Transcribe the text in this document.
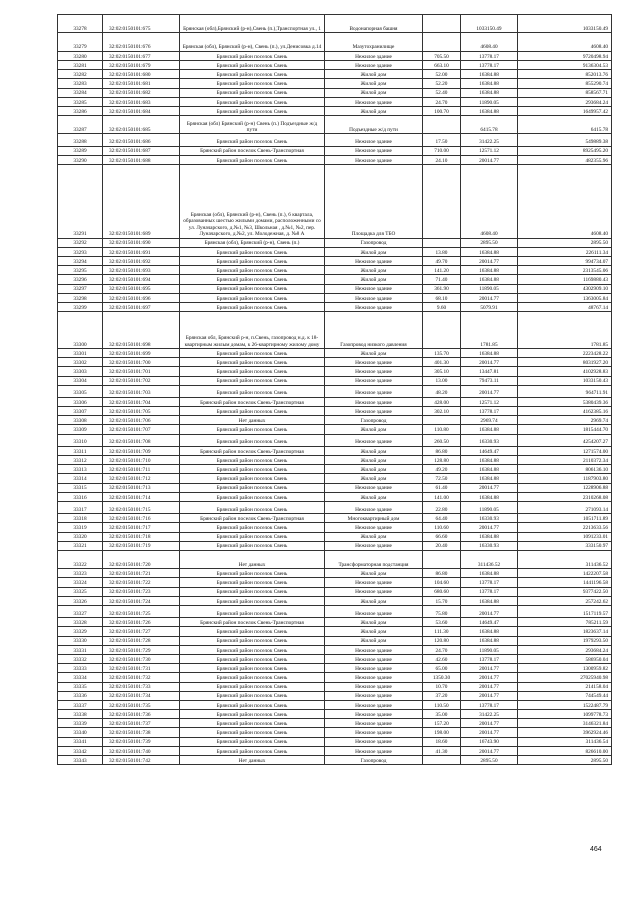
33278	32:02:0150101:675	Брянская (обл),Брянский (р-н),Свень (п.),Транспортная ул., 1	Водонапорная башня		1033150.49	1033150.49
33279	32:02:0150101:676	Брянская (обл), Брянский (р-н), Свень (п.), ул.Денисовка д.14	Мазутохранилище		4608.40	4608.40
33280	32:02:0150101:677	Брянский район поселок Свень	Нежилое здание	705.50	13778.17	9720498.94
33281	32:02:0150101:679	Брянский район поселок Свень	Нежилое здание	663.10	13778.17	9136304.53
33282	32:02:0150101:680	Брянский район поселок Свень	Жилой дом	52.00	16384.88	852013.76
33283	32:02:0150101:681	Брянский район поселок Свень	Жилой дом	52.20	16384.88	855290.74
33284	32:02:0150101:682	Брянский район поселок Свень	Жилой дом	52.40	16384.88	858567.71
33285	32:02:0150101:683	Брянский район поселок Свень	Нежилое здание	24.70	11890.05	293684.24
33286	32:02:0150101:684	Брянский район поселок Свень	Жилой дом	100.70	16384.88	1649957.42
33287	32:02:0150101:685	Брянская (обл) Брянский (р-н) Свень (п.) Подъездные ж/д пути	Подъездные ж/д пути		6415.78	6415.78
33288	32:02:0150101:686	Брянский район поселок Свень	Нежилое здание	17.50	31422.25	549889.38
33289	32:02:0150101:687	Брянский район поселок Свень-Транспортная	Нежилое здание	710.00	12571.12	8925495.20
33290	32:02:0150101:688	Брянский район поселок Свень	Нежилое здание	24.10	20014.77	482355.96
33291	32:02:0150101:689	Брянская (обл), Брянский (р-н), Свень (п.), 6 квартала, образованных шестью жилыми домами, расположенными со ул. Луначарского, д.№1, №3, Школьная , д.№1, №2, пер. Луначарского, д.№2, ул. Молодежная, д. №8 А	Площадка для ТБО		4608.40	4608.40
33292	32:02:0150101:690	Брянская (обл), Брянский (р-н), Свень (п.)	Газопровод		2895.50	2895.50
33293	32:02:0150101:691	Брянский район поселок Свень	Жилой дом	13.80	16384.88	226111.34
33294	32:02:0150101:692	Брянский район поселок Свень	Нежилое здание	49.70	20014.77	994734.07
33295	32:02:0150101:693	Брянский район поселок Свень	Жилой дом	141.20	16384.88	2313545.06
33296	32:02:0150101:694	Брянский район поселок Свень	Жилой дом	71.40	16384.88	1169880.43
33297	32:02:0150101:695	Брянский район поселок Свень	Нежилое здание	361.90	11890.05	4302909.10
33298	32:02:0150101:696	Брянский район поселок Свень	Нежилое здание	68.10	20014.77	1363005.84
33299	32:02:0150101:697	Брянский район поселок Свень	Нежилое здание	9.60	5079.91	48767.14
33300	32:02:0150101:698	Брянская обл, Брянский р-н, п.Свень, газопровод н.д. к 18-квартирным жилым домам, к 26-квартирному жилому дому	Газопровод низкого давления		1781.85	1781.85
33301	32:02:0150101:699	Брянский район поселок Свень	Жилой дом	135.70	16384.88	2223428.22
33302	32:02:0150101:700	Брянский район поселок Свень	Нежилое здание	401.30	20014.77	8031927.20
33303	32:02:0150101:701	Брянский район поселок Свень	Нежилое здание	305.10	13447.81	4102928.83
33304	32:02:0150101:702	Брянский район поселок Свень	Нежилое здание	13.00	79473.11	1033150.43
33305	32:02:0150101:703	Брянский район поселок Свень	Нежилое здание	48.20	20014.77	964711.91
33306	32:02:0150101:704	Брянский район поселок Свень-Транспортная	Нежилое здание	428.00	12571.12	5380439.36
33307	32:02:0150101:705	Брянский район поселок Свень	Нежилое здание	302.10	13778.17	4162385.16
33308	32:02:0150101:706	Нет данных	Газопровод		2969.74	2969.74
33309	32:02:0150101:707	Брянский район поселок Свень	Жилой дом	110.80	16384.88	1815444.70
33310	32:02:0150101:708	Брянский район поселок Свень	Нежилое здание	260.50	16330.93	4254207.27
33311	32:02:0150101:709	Брянский район поселок Свень-Транспортная	Жилой дом	86.80	14649.47	1271574.00
33312	32:02:0150101:710	Брянский район поселок Свень	Жилой дом	128.80	16384.88	2110372.34
33313	32:02:0150101:711	Брянский район поселок Свень	Жилой дом	49.20	16384.88	806136.10
33314	32:02:0150101:712	Брянский район поселок Свень	Жилой дом	72.50	16384.88	1187903.80
33315	32:02:0150101:713	Брянский район поселок Свень	Нежилое здание	61.40	20014.77	1228906.88
33316	32:02:0150101:714	Брянский район поселок Свень	Жилой дом	141.00	16384.88	2310268.08
33317	32:02:0150101:715	Брянский район поселок Свень	Нежилое здание	22.80	11890.05	271093.14
33318	32:02:0150101:716	Брянский район поселок Свень-Транспортная	Многоквартирный дом	64.40	16330.93	1051711.89
33319	32:02:0150101:717	Брянский район поселок Свень	Нежилое здание	110.60	20014.77	2213633.56
33320	32:02:0150101:718	Брянский район поселок Свень	Жилой дом	66.60	16384.88	1091233.01
33321	32:02:0150101:719	Брянский район поселок Свень	Нежилое здание	20.40	16330.93	333150.97
33322	32:02:0150101:720	Нет данных	Трансформаторная подстанция		311436.52	311436.52
33323	32:02:0150101:721	Брянский район поселок Свень	Жилой дом	86.80	16384.88	1422207.58
33324	32:02:0150101:722	Брянский район поселок Свень	Нежилое здание	104.60	13778.17	1441196.58
33325	32:02:0150101:723	Брянский район поселок Свень	Нежилое здание	680.60	13778.17	9377422.50
33326	32:02:0150101:724	Брянский район поселок Свень	Жилой дом	15.70	16384.88	257242.62
33327	32:02:0150101:725	Брянский район поселок Свень	Нежилое здание	75.80	20014.77	1517119.57
33328	32:02:0150101:726	Брянский район поселок Свень-Транспортная	Жилой дом	53.60	14649.47	785211.59
33329	32:02:0150101:727	Брянский район поселок Свень	Жилой дом	111.30	16384.88	1823637.14
33330	32:02:0150101:728	Брянский район поселок Свень	Жилой дом	120.80	16384.88	1979293.50
33331	32:02:0150101:729	Брянский район поселок Свень	Нежилое здание	24.70	11890.05	293684.24
33332	32:02:0150101:730	Брянский район поселок Свень	Нежилое здание	42.60	13778.17	586950.04
33333	32:02:0150101:731	Брянский район поселок Свень	Нежилое здание	65.00	20014.77	1300959.82
33334	32:02:0150101:732	Брянский район поселок Свень	Нежилое здание	1350.30	20014.77	27025940.98
33335	32:02:0150101:733	Брянский район поселок Свень	Нежилое здание	10.70	20014.77	214158.04
33336	32:02:0150101:734	Брянский район поселок Свень	Нежилое здание	37.20	20014.77	744549.44
33337	32:02:0150101:735	Брянский район поселок Свень	Нежилое здание	110.50	13778.17	1522487.79
33338	32:02:0150101:736	Брянский район поселок Свень	Нежилое здание	35.00	31422.25	1099778.73
33339	32:02:0150101:737	Брянский район поселок Свень	Нежилое здание	157.20	20014.77	3146321.84
33340	32:02:0150101:738	Брянский район поселок Свень	Нежилое здание	198.00	20014.77	3962924.46
33341	32:02:0150101:739	Брянский район поселок Свень	Нежилое здание	18.60	16743.90	311436.54
33342	32:02:0150101:740	Брянский район поселок Свень	Нежилое здание	41.30	20014.77	826610.00
33343	32:02:0150101:742	Нет данных	Газопровод		2895.50	2895.50
464
